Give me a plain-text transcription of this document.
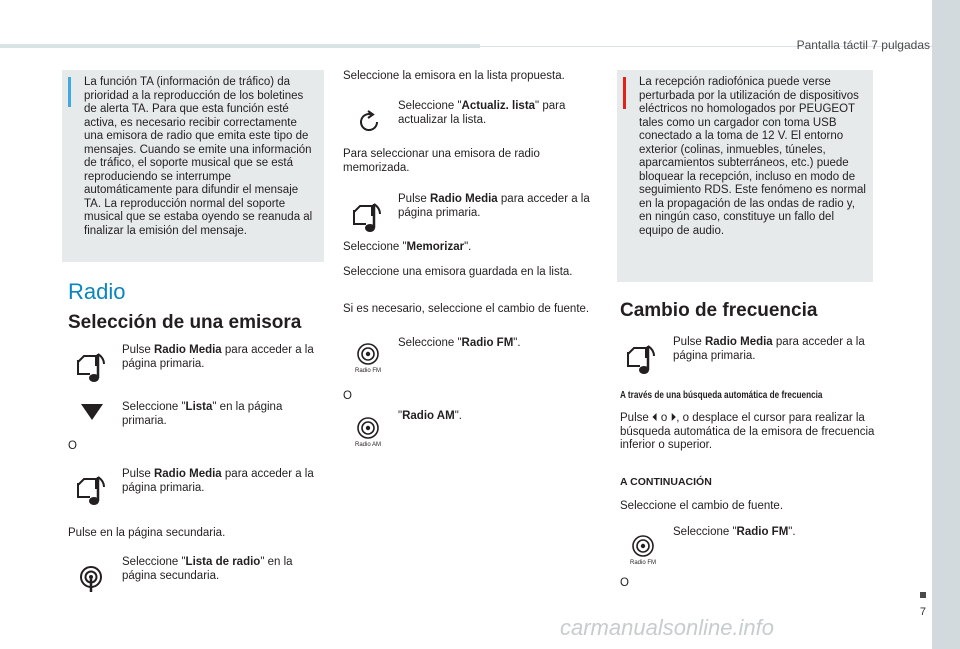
Pantalla táctil 7 pulgadas
La función TA (información de tráfico) da prioridad a la reproducción de los boletines de alerta TA. Para que esta función esté activa, es necesario recibir correctamente una emisora de radio que emita este tipo de mensajes. Cuando se emite una información de tráfico, el soporte musical que se está reproduciendo se interrumpe automáticamente para difundir el mensaje TA. La reproducción normal del soporte musical que se estaba oyendo se reanuda al finalizar la emisión del mensaje.
Radio
Selección de una emisora
Pulse Radio Media para acceder a la página primaria.
Seleccione "Lista" en la página primaria.
O
Pulse Radio Media para acceder a la página primaria.
Pulse en la página secundaria.
Seleccione "Lista de radio" en la página secundaria.
Seleccione la emisora en la lista propuesta.
Seleccione "Actualiz. lista" para actualizar la lista.
Para seleccionar una emisora de radio memorizada.
Pulse Radio Media para acceder a la página primaria.
Seleccione "Memorizar".
Seleccione una emisora guardada en la lista.
Si es necesario, seleccione el cambio de fuente.
Radio FM
Seleccione "Radio FM".
O
Radio AM
"Radio AM".
La recepción radiofónica puede verse perturbada por la utilización de dispositivos eléctricos no homologados por PEUGEOT tales como un cargador con toma USB conectado a la toma de 12 V. El entorno exterior (colinas, inmuebles, túneles, aparcamientos subterráneos, etc.) puede bloquear la recepción, incluso en modo de seguimiento RDS. Este fenómeno es normal en la propagación de las ondas de radio y, en ningún caso, constituye un fallo del equipo de audio.
Cambio de frecuencia
Pulse Radio Media para acceder a la página primaria.
A través de una búsqueda automática de frecuencia
Pulse ⏴ o ⏵, o desplace el cursor para realizar la búsqueda automática de la emisora de frecuencia inferior o superior.
A CONTINUACIÓN
Seleccione el cambio de fuente.
Radio FM
Seleccione "Radio FM".
O
7
carmanualsonline.info
